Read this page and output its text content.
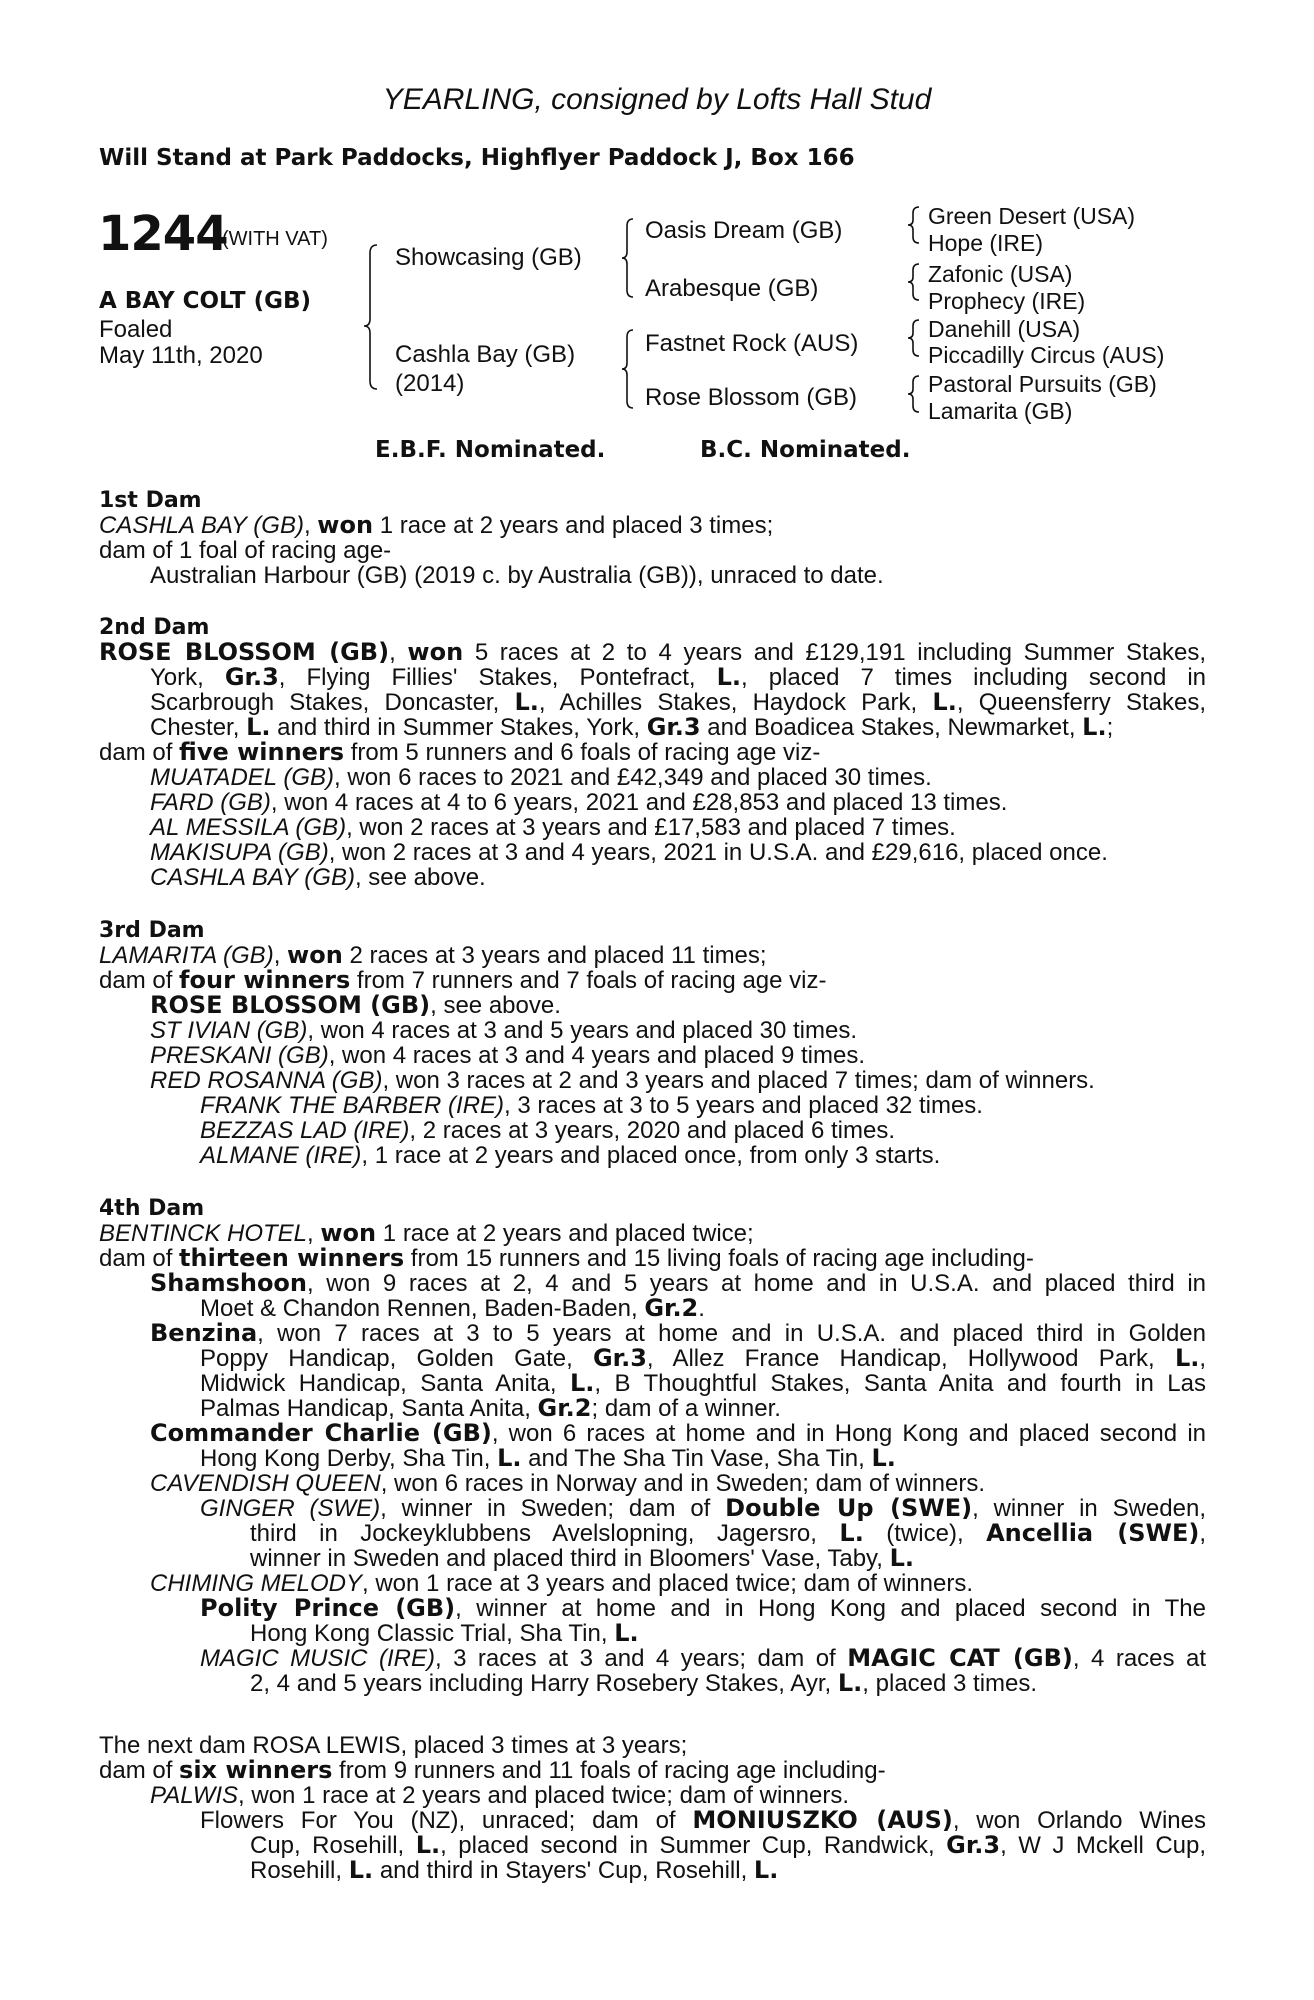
YEARLING, consigned by Lofts Hall Stud
Will Stand at Park Paddocks, Highflyer Paddock J, Box 166
1244
(WITH VAT)
A BAY COLT (GB)
Foaled
May 11th, 2020
Showcasing (GB)
Cashla Bay (GB)
(2014)
Oasis Dream (GB)
Arabesque (GB)
Fastnet Rock (AUS)
Rose Blossom (GB)
Green Desert (USA)
Hope (IRE)
Zafonic (USA)
Prophecy (IRE)
Danehill (USA)
Piccadilly Circus (AUS)
Pastoral Pursuits (GB)
Lamarita (GB)
E.B.F. Nominated.	B.C. Nominated.
1st Dam
CASHLA BAY (GB), won 1 race at 2 years and placed 3 times;
dam of 1 foal of racing age-
Australian Harbour (GB) (2019 c. by Australia (GB)), unraced to date.
2nd Dam
ROSE BLOSSOM (GB), won 5 races at 2 to 4 years and £129,191 including Summer Stakes,
York, Gr.3, Flying Fillies' Stakes, Pontefract, L., placed 7 times including second in
Scarbrough Stakes, Doncaster, L., Achilles Stakes, Haydock Park, L., Queensferry Stakes,
Chester, L. and third in Summer Stakes, York, Gr.3 and Boadicea Stakes, Newmarket, L.;
dam of five winners from 5 runners and 6 foals of racing age viz-
MUATADEL (GB), won 6 races to 2021 and £42,349 and placed 30 times.
FARD (GB), won 4 races at 4 to 6 years, 2021 and £28,853 and placed 13 times.
AL MESSILA (GB), won 2 races at 3 years and £17,583 and placed 7 times.
MAKISUPA (GB), won 2 races at 3 and 4 years, 2021 in U.S.A. and £29,616, placed once.
CASHLA BAY (GB), see above.
3rd Dam
LAMARITA (GB), won 2 races at 3 years and placed 11 times;
dam of four winners from 7 runners and 7 foals of racing age viz-
ROSE BLOSSOM (GB), see above.
ST IVIAN (GB), won 4 races at 3 and 5 years and placed 30 times.
PRESKANI (GB), won 4 races at 3 and 4 years and placed 9 times.
RED ROSANNA (GB), won 3 races at 2 and 3 years and placed 7 times; dam of winners.
FRANK THE BARBER (IRE), 3 races at 3 to 5 years and placed 32 times.
BEZZAS LAD (IRE), 2 races at 3 years, 2020 and placed 6 times.
ALMANE (IRE), 1 race at 2 years and placed once, from only 3 starts.
4th Dam
BENTINCK HOTEL, won 1 race at 2 years and placed twice;
dam of thirteen winners from 15 runners and 15 living foals of racing age including-
Shamshoon, won 9 races at 2, 4 and 5 years at home and in U.S.A. and placed third in
Moet & Chandon Rennen, Baden-Baden, Gr.2.
Benzina, won 7 races at 3 to 5 years at home and in U.S.A. and placed third in Golden
Poppy Handicap, Golden Gate, Gr.3, Allez France Handicap, Hollywood Park, L.,
Midwick Handicap, Santa Anita, L., B Thoughtful Stakes, Santa Anita and fourth in Las
Palmas Handicap, Santa Anita, Gr.2; dam of a winner.
Commander Charlie (GB), won 6 races at home and in Hong Kong and placed second in
Hong Kong Derby, Sha Tin, L. and The Sha Tin Vase, Sha Tin, L.
CAVENDISH QUEEN, won 6 races in Norway and in Sweden; dam of winners.
GINGER (SWE), winner in Sweden; dam of Double Up (SWE), winner in Sweden,
third in Jockeyklubbens Avelslopning, Jagersro, L. (twice), Ancellia (SWE),
winner in Sweden and placed third in Bloomers' Vase, Taby, L.
CHIMING MELODY, won 1 race at 3 years and placed twice; dam of winners.
Polity Prince (GB), winner at home and in Hong Kong and placed second in The
Hong Kong Classic Trial, Sha Tin, L.
MAGIC MUSIC (IRE), 3 races at 3 and 4 years; dam of MAGIC CAT (GB), 4 races at
2, 4 and 5 years including Harry Rosebery Stakes, Ayr, L., placed 3 times.
The next dam ROSA LEWIS, placed 3 times at 3 years;
dam of six winners from 9 runners and 11 foals of racing age including-
PALWIS, won 1 race at 2 years and placed twice; dam of winners.
Flowers For You (NZ), unraced; dam of MONIUSZKO (AUS), won Orlando Wines
Cup, Rosehill, L., placed second in Summer Cup, Randwick, Gr.3, W J Mckell Cup,
Rosehill, L. and third in Stayers' Cup, Rosehill, L.
